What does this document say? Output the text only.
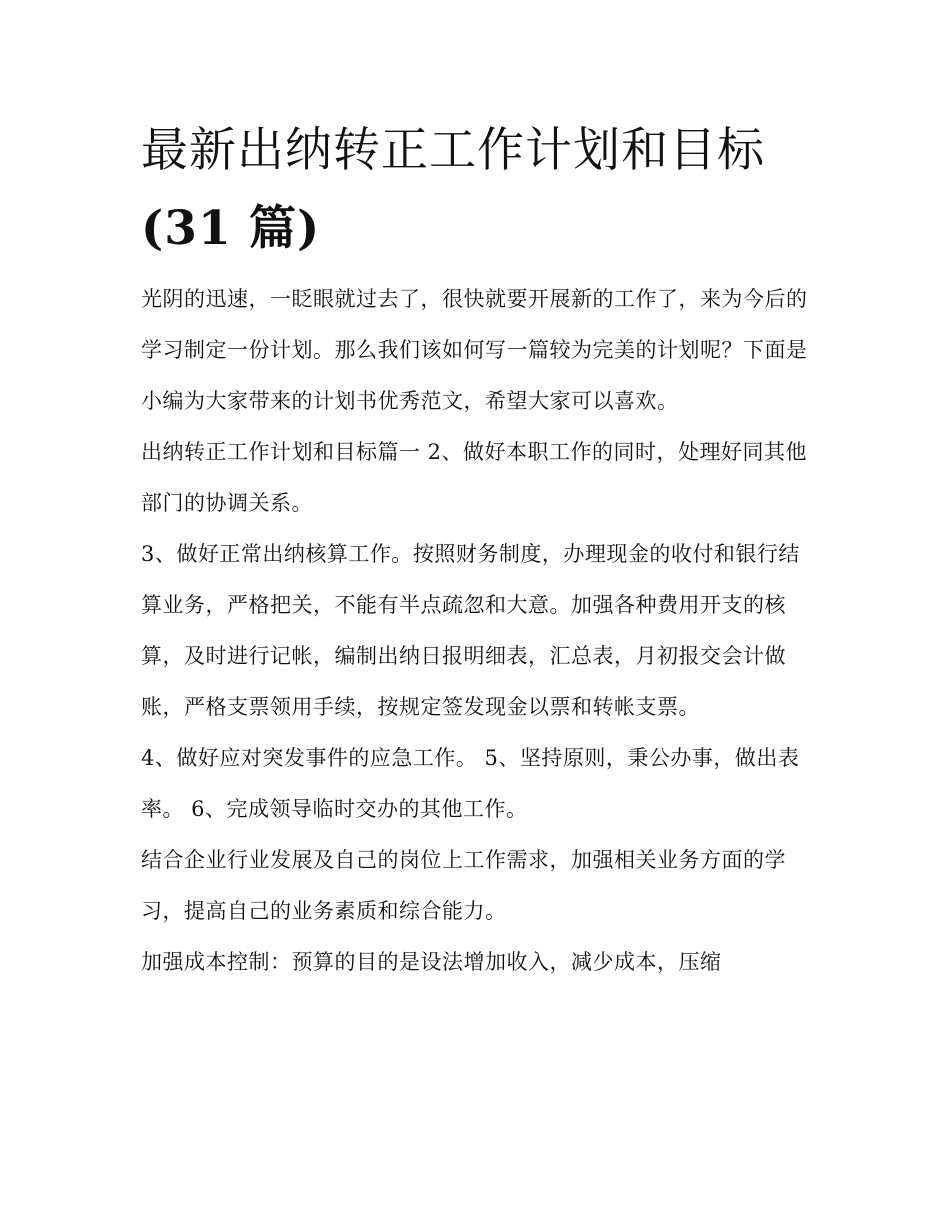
最新出纳转正工作计划和目标
(31 篇)

光阴的迅速，一眨眼就过去了，很快就要开展新的工作了，来为今后的学习制定一份计划。那么我们该如何写一篇较为完美的计划呢？下面是小编为大家带来的计划书优秀范文，希望大家可以喜欢。

出纳转正工作计划和目标篇一 2、做好本职工作的同时，处理好同其他部门的协调关系。

3、做好正常出纳核算工作。按照财务制度，办理现金的收付和银行结算业务，严格把关，不能有半点疏忽和大意。加强各种费用开支的核算，及时进行记帐，编制出纳日报明细表，汇总表，月初报交会计做账，严格支票领用手续，按规定签发现金以票和转帐支票。

4、做好应对突发事件的应急工作。 5、坚持原则，秉公办事，做出表率。 6、完成领导临时交办的其他工作。

结合企业行业发展及自己的岗位上工作需求，加强相关业务方面的学习，提高自己的业务素质和综合能力。

加强成本控制：预算的目的是设法增加收入，减少成本，压缩
